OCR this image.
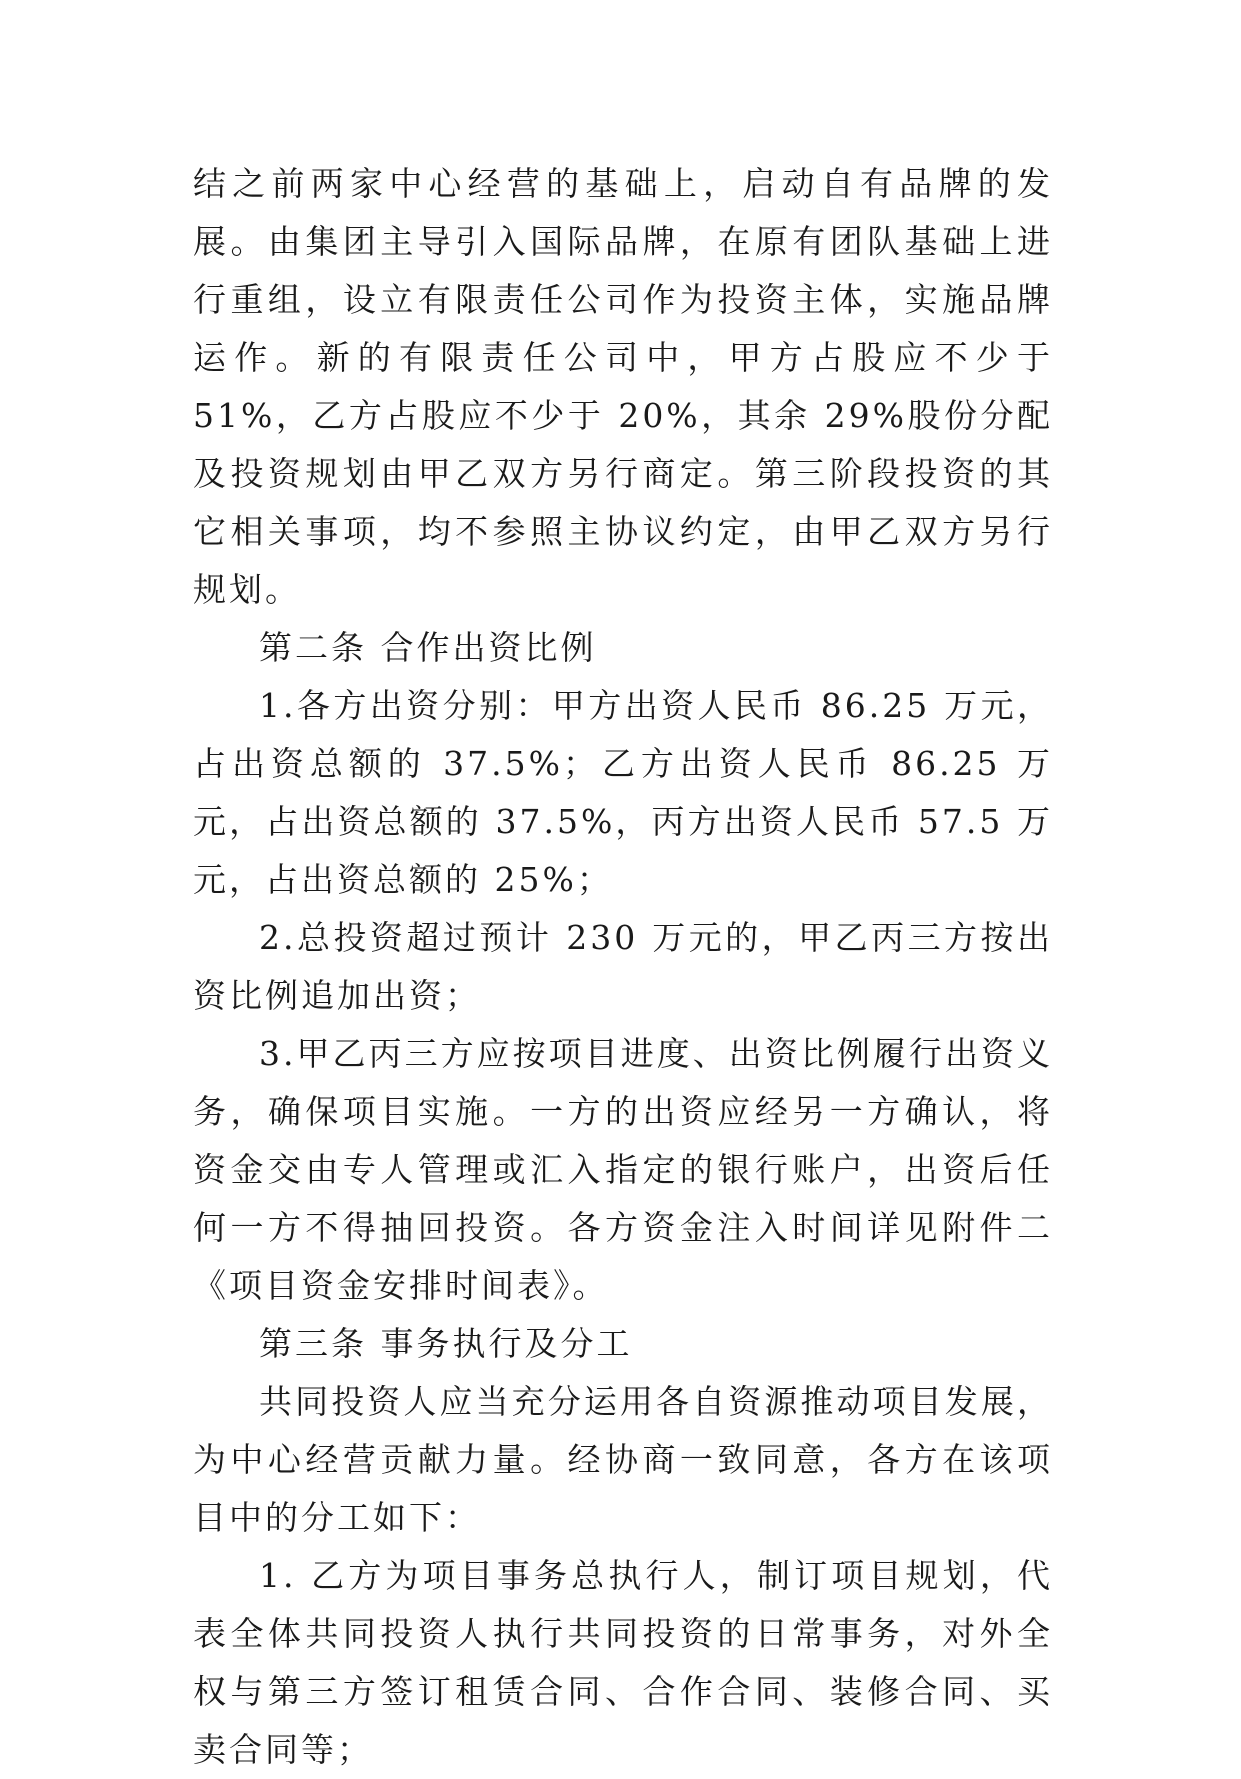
结之前两家中心经营的基础上，启动自有品牌的发展。由集团主导引入国际品牌，在原有团队基础上进行重组，设立有限责任公司作为投资主体，实施品牌运作。新的有限责任公司中，甲方占股应不少于 51%，乙方占股应不少于 20%，其余 29%股份分配及投资规划由甲乙双方另行商定。第三阶段投资的其它相关事项，均不参照主协议约定，由甲乙双方另行规划。

第二条 合作出资比例

1.各方出资分别：甲方出资人民币 86.25 万元，占出资总额的 37.5%；乙方出资人民币 86.25 万元，占出资总额的 37.5%，丙方出资人民币 57.5 万元，占出资总额的 25%；

2.总投资超过预计 230 万元的，甲乙丙三方按出资比例追加出资；

3.甲乙丙三方应按项目进度、出资比例履行出资义务，确保项目实施。一方的出资应经另一方确认，将资金交由专人管理或汇入指定的银行账户，出资后任何一方不得抽回投资。各方资金注入时间详见附件二《项目资金安排时间表》。

第三条 事务执行及分工

共同投资人应当充分运用各自资源推动项目发展，为中心经营贡献力量。经协商一致同意，各方在该项目中的分工如下：

1. 乙方为项目事务总执行人，制订项目规划，代表全体共同投资人执行共同投资的日常事务，对外全权与第三方签订租赁合同、合作合同、装修合同、买卖合同等；
